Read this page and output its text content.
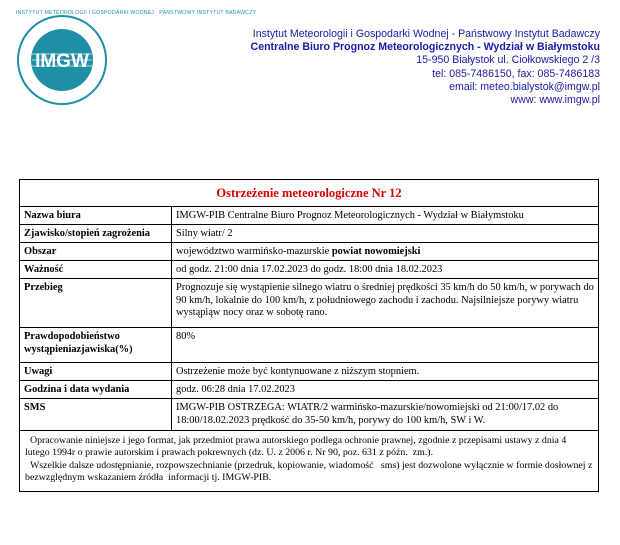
INSTYTUT METEOROLOGII I GOSPODARKI WODNEJ · PAŃSTWOWY INSTYTUT BADAWCZY
IMGW
Instytut Meteorologii i Gospodarki Wodnej - Państwowy Instytut Badawczy
Centralne Biuro Prognoz Meteorologicznych - Wydział w Białymstoku
15-950 Białystok ul. Ciołkowskiego 2 /3
tel: 085-7486150, fax: 085-7486183
email: meteo.bialystok@imgw.pl
www: www.imgw.pl
Ostrzeżenie meteorologiczne Nr 12	
Nazwa biura	IMGW-PIB Centralne Biuro Prognoz Meteorologicznych - Wydział w Białymstoku
Zjawisko/stopień zagrożenia	Silny wiatr/ 2
Obszar	województwo warmińsko-mazurskie powiat nowomiejski
Ważność	od godz. 21:00 dnia 17.02.2023 do godz. 18:00 dnia 18.02.2023
Przebieg	Prognozuje się wystąpienie silnego wiatru o średniej prędkości 35 km/h do 50 km/h, w porywach do 90 km/h, lokalnie do 100 km/h, z południowego zachodu i zachodu. Najsilniejsze porywy wiatru wystąpiąw nocy oraz w sobotę rano.
Prawdopodobieństwo wystąpieniazjawiska(%)	80%
Uwagi	Ostrzeżenie może być kontynuowane z niższym stopniem.
Godzina i data wydania	godz. 06:28 dnia 17.02.2023
SMS	IMGW-PIB OSTRZEGA: WIATR/2 warmińsko-mazurskie/nowomiejski od 21:00/17.02 do 18:00/18.02.2023 prędkość do 35-50 km/h, porywy do 100 km/h, SW i W.
Opracowanie niniejsze i jego format, jak przedmiot prawa autorskiego podlega ochronie prawnej, zgodnie z przepisami ustawy z dnia 4 lutego 1994r o prawie autorskim i prawach pokrewnych (dz. U. z 2006 r. Nr 90, poz. 631 z późn.  zm.).
Wszelkie dalsze udostępnianie, rozpowszechnianie (przedruk, kopiowanie, wiadomość   sms) jest dozwolone wyłącznie w formie dosłownej z bezwzględnym wskazaniem źródła  informacji tj. IMGW-PIB.
